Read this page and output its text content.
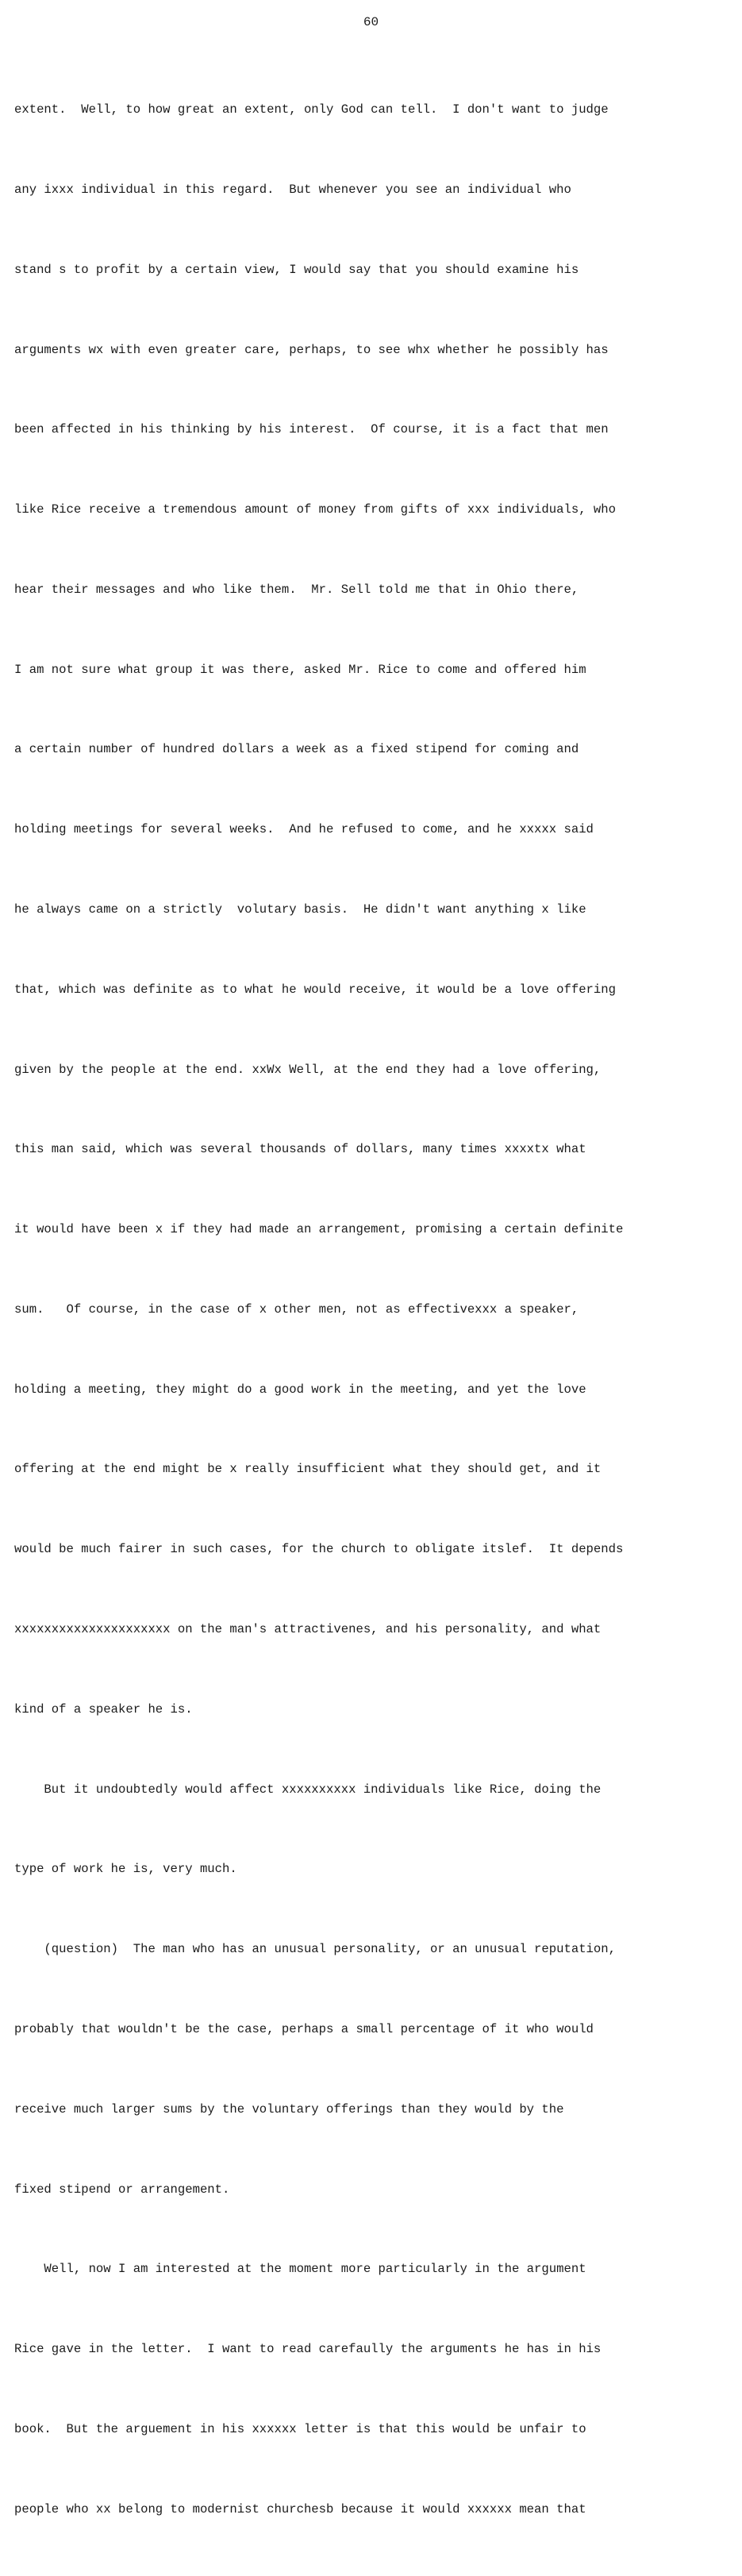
60

extent.  Well, to how great an extent, only God can tell.  I don't want to judge

any ixxx individual in this regard.  But whenever you see an individual who

stand s to profit by a certain view, I would say that you should examine his

arguments wx with even greater care, perhaps, to see whx whether he possibly has

been affected in his thinking by his interest.  Of course, it is a fact that men

like Rice receive a tremendous amount of money from gifts of xxx individuals, who

hear their messages and who like them.  Mr. Sell told me that in Ohio there,

I am not sure what group it was there, asked Mr. Rice to come and offered him

a certain number of hundred dollars a week as a fixed stipend for coming and

holding meetings for several weeks.  And he refused to come, and he xxxxx said

he always came on a strictly  volutary basis.  He didn't want anything x like

that, which was definite as to what he would receive, it would be a love offering

given by the people at the end. xxWx Well, at the end they had a love offering,

this man said, which was several thousands of dollars, many times xxxxtx what

it would have been x if they had made an arrangement, promising a certain definite

sum.   Of course, in the case of x other men, not as effectivexxx a speaker,

holding a meeting, they might do a good work in the meeting, and yet the love

offering at the end might be x really insufficient what they should get, and it

would be much fairer in such cases, for the church to obligate itslef.  It depends

xxxxxxxxxxxxxxxxxxxxx on the man's attractivenes, and his personality, and what

kind of a speaker he is.

But it undoubtedly would affect xxxxxxxxxx individuals like Rice, doing the

type of work he is, very much.

(question)  The man who has an unusual personality, or an unusual reputation,

probably that wouldn't be the case, perhaps a small percentage of it who would

receive much larger sums by the voluntary offerings than they would by the

fixed stipend or arrangement.

Well, now I am interested at the moment more particularly in the argument

Rice gave in the letter.  I want to read carefaully the arguments he has in his

book.  But the arguement in his xxxxxx letter is that this would be unfair to

people who xx belong to modernist churchesb because it would xxxxxx mean that
